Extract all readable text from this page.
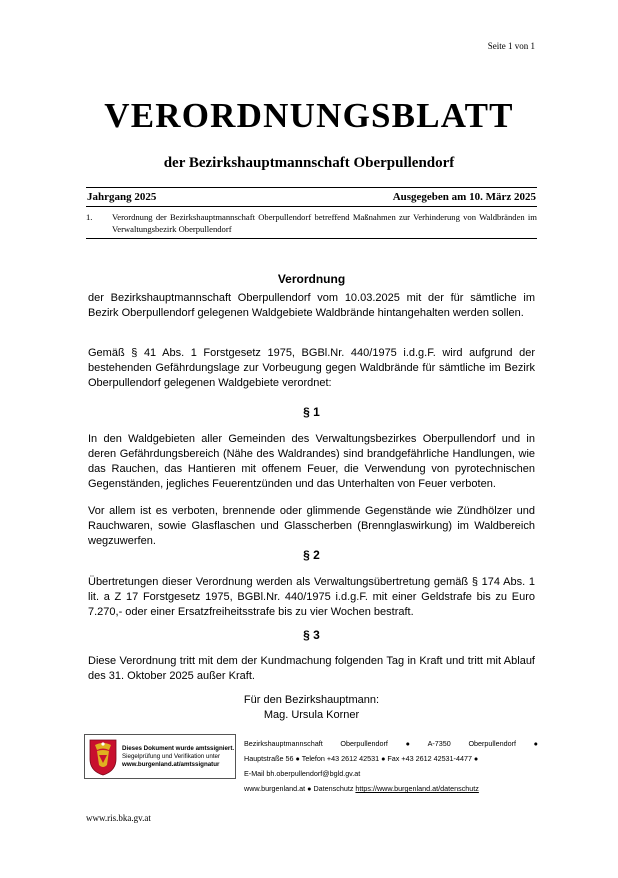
Seite 1 von 1
VERORDNUNGSBLATT
der Bezirkshauptmannschaft Oberpullendorf
Jahrgang 2025	Ausgegeben am 10. März 2025
1.	Verordnung der Bezirkshauptmannschaft Oberpullendorf betreffend Maßnahmen zur Verhinderung von Waldbränden im Verwaltungsbezirk Oberpullendorf
Verordnung

der Bezirkshauptmannschaft Oberpullendorf vom 10.03.2025 mit der für sämtliche im Bezirk Oberpullendorf gelegenen Waldgebiete Waldbrände hintangehalten werden sollen.

Gemäß § 41 Abs. 1 Forstgesetz 1975, BGBl.Nr. 440/1975 i.d.g.F. wird aufgrund der bestehenden Gefährdungslage zur Vorbeugung gegen Waldbrände für sämtliche im Bezirk Oberpullendorf gelegenen Waldgebiete verordnet:

§ 1

In den Waldgebieten aller Gemeinden des Verwaltungsbezirkes Oberpullendorf und in deren Gefährdungsbereich (Nähe des Waldrandes) sind brandgefährliche Handlungen, wie das Rauchen, das Hantieren mit offenem Feuer, die Verwendung von pyrotechnischen Gegenständen, jegliches Feuerentzünden und das Unterhalten von Feuer verboten.

Vor allem ist es verboten, brennende oder glimmende Gegenstände wie Zündhölzer und Rauchwaren, sowie Glasflaschen und Glasscherben (Brennglaswirkung) im Waldbereich wegzuwerfen.

§ 2

Übertretungen dieser Verordnung werden als Verwaltungsübertretung gemäß § 174 Abs. 1 lit. a Z 17 Forstgesetz 1975, BGBl.Nr. 440/1975 i.d.g.F. mit einer Geldstrafe bis zu Euro 7.270,- oder einer Ersatzfreiheitsstrafe bis zu vier Wochen bestraft.

§ 3

Diese Verordnung tritt mit dem der Kundmachung folgenden Tag in Kraft und tritt mit Ablauf des 31. Oktober 2025 außer Kraft.

Für den Bezirkshauptmann:
Mag. Ursula Korner
Dieses Dokument wurde amtssigniert.
Siegelprüfung und Verifikation unter
www.burgenland.at/amtssignatur
Bezirkshauptmannschaft Oberpullendorf ● A-7350 Oberpullendorf ●
Hauptstraße 56 ● Telefon +43 2612 42531 ● Fax +43 2612 42531-4477 ●
E-Mail bh.oberpullendorf@bgld.gv.at
www.burgenland.at ● Datenschutz https://www.burgenland.at/datenschutz
www.ris.bka.gv.at
